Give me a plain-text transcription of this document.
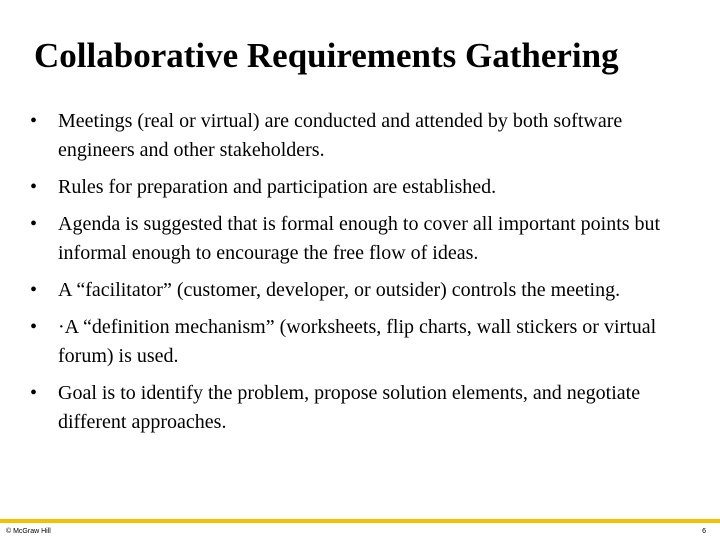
Collaborative Requirements Gathering
•	Meetings (real or virtual) are conducted and attended by both software engineers and other stakeholders.
•	Rules for preparation and participation are established.
•	Agenda is suggested that is formal enough to cover all important points but informal enough to encourage the free flow of ideas.
•	A “facilitator” (customer, developer, or outsider) controls the meeting.
•	·A “definition mechanism” (worksheets, flip charts, wall stickers or virtual forum) is used.
•	Goal is to identify the problem, propose solution elements, and negotiate different approaches.
© McGraw Hill	6
